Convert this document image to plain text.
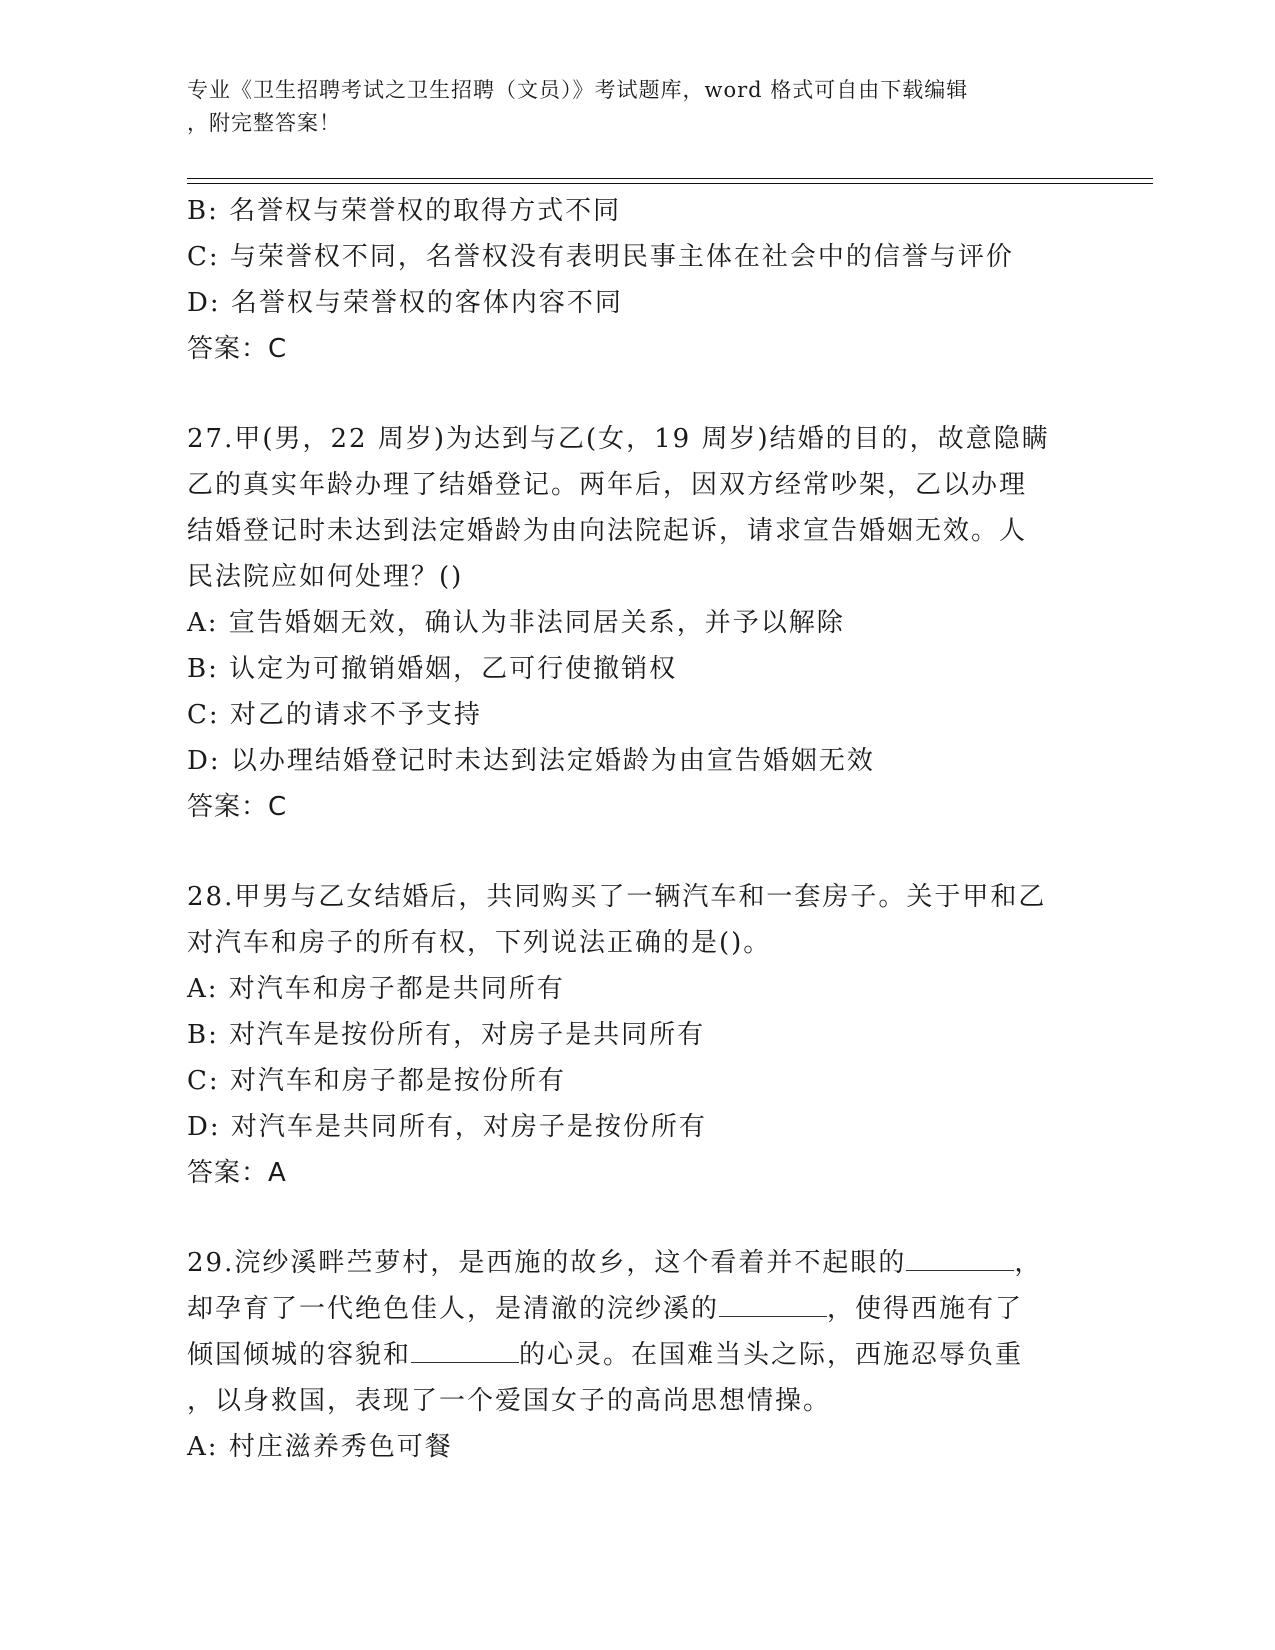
专业《卫生招聘考试之卫生招聘（文员）》考试题库，word 格式可自由下载编辑
，附完整答案！
B: 名誉权与荣誉权的取得方式不同
C: 与荣誉权不同，名誉权没有表明民事主体在社会中的信誉与评价
D: 名誉权与荣誉权的客体内容不同
答案：C
27.甲(男，22 周岁)为达到与乙(女，19 周岁)结婚的目的，故意隐瞒
乙的真实年龄办理了结婚登记。两年后，因双方经常吵架，乙以办理
结婚登记时未达到法定婚龄为由向法院起诉，请求宣告婚姻无效。人
民法院应如何处理？()
A: 宣告婚姻无效，确认为非法同居关系，并予以解除
B: 认定为可撤销婚姻，乙可行使撤销权
C: 对乙的请求不予支持
D: 以办理结婚登记时未达到法定婚龄为由宣告婚姻无效
答案：C
28.甲男与乙女结婚后，共同购买了一辆汽车和一套房子。关于甲和乙
对汽车和房子的所有权，下列说法正确的是()。
A: 对汽车和房子都是共同所有
B: 对汽车是按份所有，对房子是共同所有
C: 对汽车和房子都是按份所有
D: 对汽车是共同所有，对房子是按份所有
答案：A
29.浣纱溪畔苎萝村，是西施的故乡，这个看着并不起眼的	，
却孕育了一代绝色佳人，是清澈的浣纱溪的	，使得西施有了
倾国倾城的容貌和	的心灵。在国难当头之际，西施忍辱负重
，以身救国，表现了一个爱国女子的高尚思想情操。
A: 村庄滋养秀色可餐
